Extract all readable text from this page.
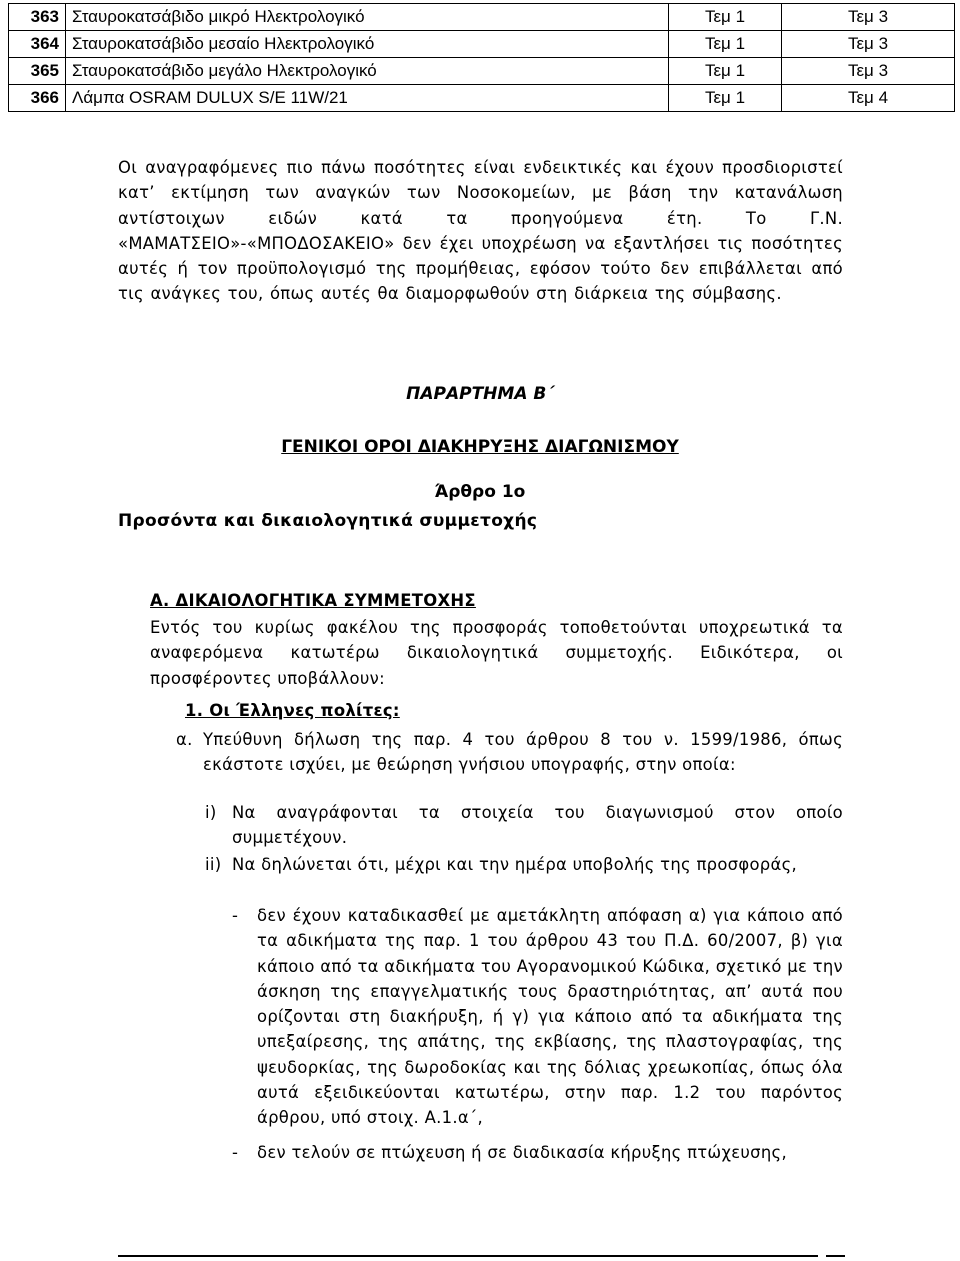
363	Σταυροκατσάβιδο μικρό Ηλεκτρολογικό	Τεμ 1	Τεμ 3
364	Σταυροκατσάβιδο μεσαίο Ηλεκτρολογικό	Τεμ 1	Τεμ 3
365	Σταυροκατσάβιδο μεγάλο Ηλεκτρολογικό	Τεμ 1	Τεμ 3
366	Λάμπα OSRAM DULUX S/E 11W/21	Τεμ 1	Τεμ 4
Οι αναγραφόμενες πιο πάνω ποσότητες είναι ενδεικτικές και έχουν προσδιοριστεί κατ’ εκτίμηση των αναγκών των Νοσοκομείων, με βάση την κατανάλωση αντίστοιχων ειδών κατά τα προηγούμενα έτη. Το Γ.Ν. «ΜΑΜΑΤΣΕΙΟ»-«ΜΠΟΔΟΣΑΚΕΙΟ» δεν έχει υποχρέωση να εξαντλήσει τις ποσότητες αυτές ή τον προϋπολογισμό της προμήθειας, εφόσον τούτο δεν επιβάλλεται από τις ανάγκες του, όπως αυτές θα διαμορφωθούν στη διάρκεια της σύμβασης.
ΠΑΡΑΡΤΗΜΑ Β΄
ΓΕΝΙΚΟΙ ΟΡΟΙ ΔΙΑΚΗΡΥΞΗΣ ΔΙΑΓΩΝΙΣΜΟΥ
Άρθρο 1ο
Προσόντα και δικαιολογητικά συμμετοχής
Α. ΔΙΚΑΙΟΛΟΓΗΤΙΚΑ ΣΥΜΜΕΤΟΧΗΣ
Εντός του κυρίως φακέλου της προσφοράς τοποθετούνται υποχρεωτικά τα αναφερόμενα κατωτέρω δικαιολογητικά συμμετοχής. Ειδικότερα, οι προσφέροντες υποβάλλουν:
1. Οι Έλληνες πολίτες:
α. Υπεύθυνη δήλωση της παρ. 4 του άρθρου 8 του ν. 1599/1986, όπως εκάστοτε ισχύει, με θεώρηση γνήσιου υπογραφής, στην οποία:
i) Να αναγράφονται τα στοιχεία του διαγωνισμού στον οποίο συμμετέχουν.
ii) Να δηλώνεται ότι, μέχρι και την ημέρα υποβολής της προσφοράς,
- δεν έχουν καταδικασθεί με αμετάκλητη απόφαση α) για κάποιο από τα αδικήματα της παρ. 1 του άρθρου 43 του Π.Δ. 60/2007, β) για κάποιο από τα αδικήματα του Αγορανομικού Κώδικα, σχετικό με την άσκηση της επαγγελματικής τους δραστηριότητας, απ’ αυτά που ορίζονται στη διακήρυξη, ή γ) για κάποιο από τα αδικήματα της υπεξαίρεσης, της απάτης, της εκβίασης, της πλαστογραφίας, της ψευδορκίας, της δωροδοκίας και της δόλιας χρεωκοπίας, όπως όλα αυτά εξειδικεύονται κατωτέρω, στην παρ. 1.2 του παρόντος άρθρου, υπό στοιχ. Α.1.α΄,
- δεν τελούν σε πτώχευση ή σε διαδικασία κήρυξης πτώχευσης,
